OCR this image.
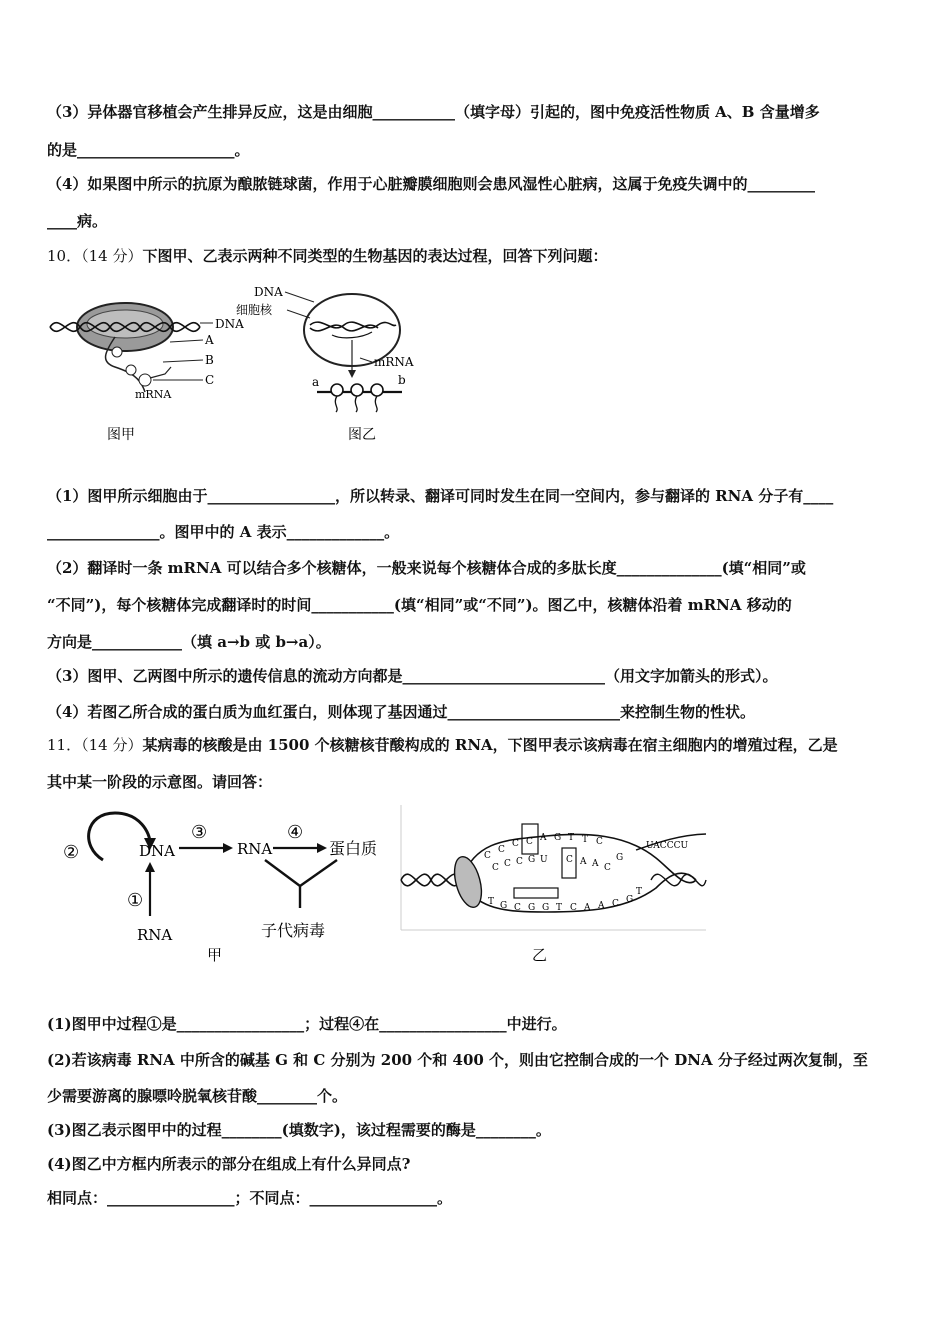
（3）异体器官移植会产生排异反应，这是由细胞___________（填字母）引起的，图中免疫活性物质 A、B 含量增多
的是_____________________。
（4）如果图中所示的抗原为酿脓链球菌，作用于心脏瓣膜细胞则会患风湿性心脏病，这属于免疫失调中的_________
____病。
10．（14 分）下图甲、乙表示两种不同类型的生物基因的表达过程，回答下列问题：
DNA
A
B
C
mRNA
图甲
DNA
细胞核
mRNA
a	b
图乙
（1）图甲所示细胞由于_________________，所以转录、翻译可同时发生在同一空间内，参与翻译的 RNA 分子有____
_______________。图甲中的 A 表示_____________。
（2）翻译时一条 mRNA 可以结合多个核糖体，一般来说每个核糖体合成的多肽长度______________(填“相同”或
“不同”)，每个核糖体完成翻译时的时间___________(填“相同”或“不同”)。图乙中，核糖体沿着 mRNA 移动的
方向是____________（填 a→b 或 b→a）。
（3）图甲、乙两图中所示的遗传信息的流动方向都是___________________________（用文字加箭头的形式）。
（4）若图乙所合成的蛋白质为血红蛋白，则体现了基因通过_______________________来控制生物的性状。
11．（14 分）某病毒的核酸是由 1500 个核糖核苷酸构成的 RNA，下图甲表示该病毒在宿主细胞内的增殖过程，乙是
其中某一阶段的示意图。请回答：
②	DNA
③
RNA
④
蛋白质
①
RNA	子代病毒
甲
C
C
C C A G T T C
C C C G U C A A C
G
T G C G G T C A A C G
T
UACCCU
乙
(1)图甲中过程①是_________________；过程④在_________________中进行。
(2)若该病毒 RNA 中所含的碱基 G 和 C 分别为 200 个和 400 个，则由它控制合成的一个 DNA 分子经过两次复制，至
少需要游离的腺嘌呤脱氧核苷酸________个。
(3)图乙表示图甲中的过程________(填数字)，该过程需要的酶是________。
(4)图乙中方框内所表示的部分在组成上有什么异同点?
相同点：_________________；不同点：_________________。
